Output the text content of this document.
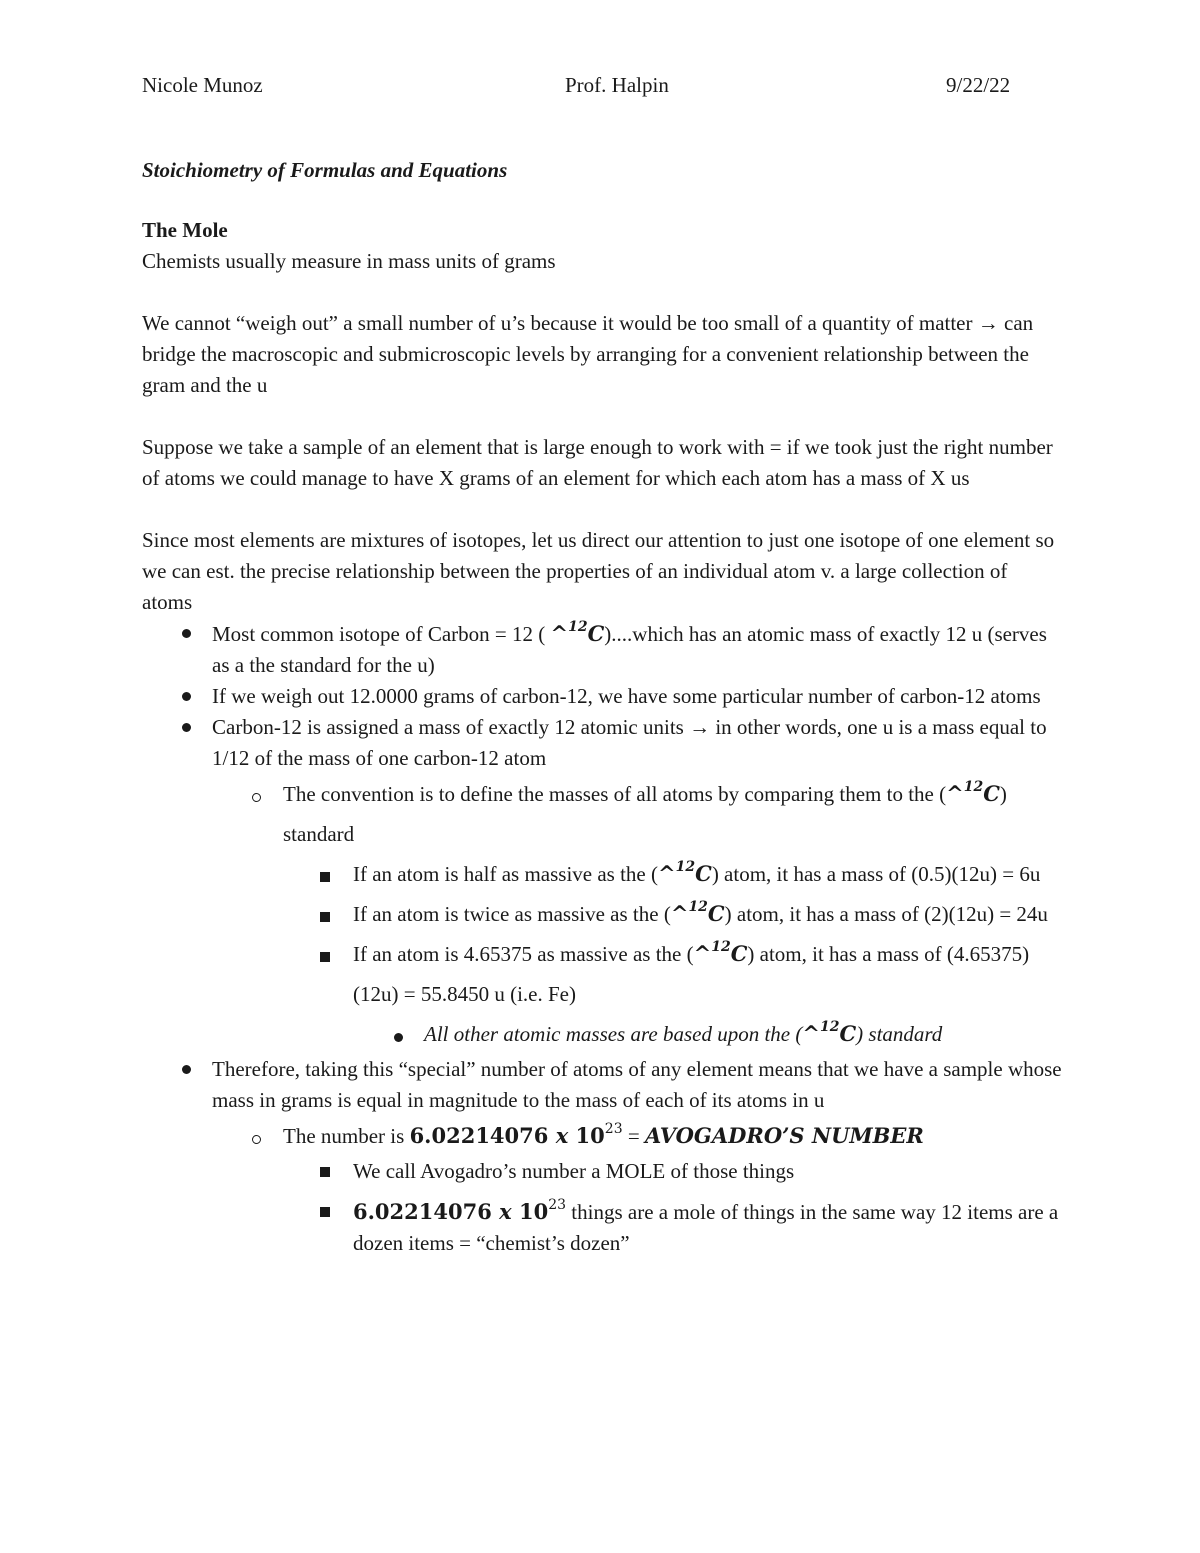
Nicole Munoz	Prof. Halpin	9/22/22
Stoichiometry of Formulas and Equations
The Mole

Chemists usually measure in mass units of grams

We cannot “weigh out” a small number of u’s because it would be too small of a quantity of matter → can bridge the macroscopic and submicroscopic levels by arranging for a convenient relationship between the gram and the u

Suppose we take a sample of an element that is large enough to work with = if we took just the right number of atoms we could manage to have X grams of an element for which each atom has a mass of X us

Since most elements are mixtures of isotopes, let us direct our attention to just one isotope of one element so we can est. the precise relationship between the properties of an individual atom v. a large collection of atoms

Most common isotope of Carbon = 12 ( ^$^{12}$C)....which has an atomic mass of exactly 12 u (serves as a the standard for the u)
If we weigh out 12.0000 grams of carbon-12, we have some particular number of carbon-12 atoms
Carbon-12 is assigned a mass of exactly 12 atomic units → in other words, one u is a mass equal to 1/12 of the mass of one carbon-12 atom
The convention is to define the masses of all atoms by comparing them to the (^$^{12}$C) standard
If an atom is half as massive as the (^$^{12}$C) atom, it has a mass of (0.5)(12u) = 6u
If an atom is twice as massive as the (^$^{12}$C) atom, it has a mass of (2)(12u) = 24u
If an atom is 4.65375 as massive as the (^$^{12}$C) atom, it has a mass of (4.65375)(12u) = 55.8450 u (i.e. Fe)
All other atomic masses are based upon the (^$^{12}$C) standard
Therefore, taking this “special” number of atoms of any element means that we have a sample whose mass in grams is equal in magnitude to the mass of each of its atoms in u
The number is 6.02214076 x $10^{23}$ = AVOGADRO’S NUMBER
We call Avogadro’s number a MOLE of those things
6.02214076 x $10^{23}$ things are a mole of things in the same way 12 items are a dozen items = “chemist’s dozen”
